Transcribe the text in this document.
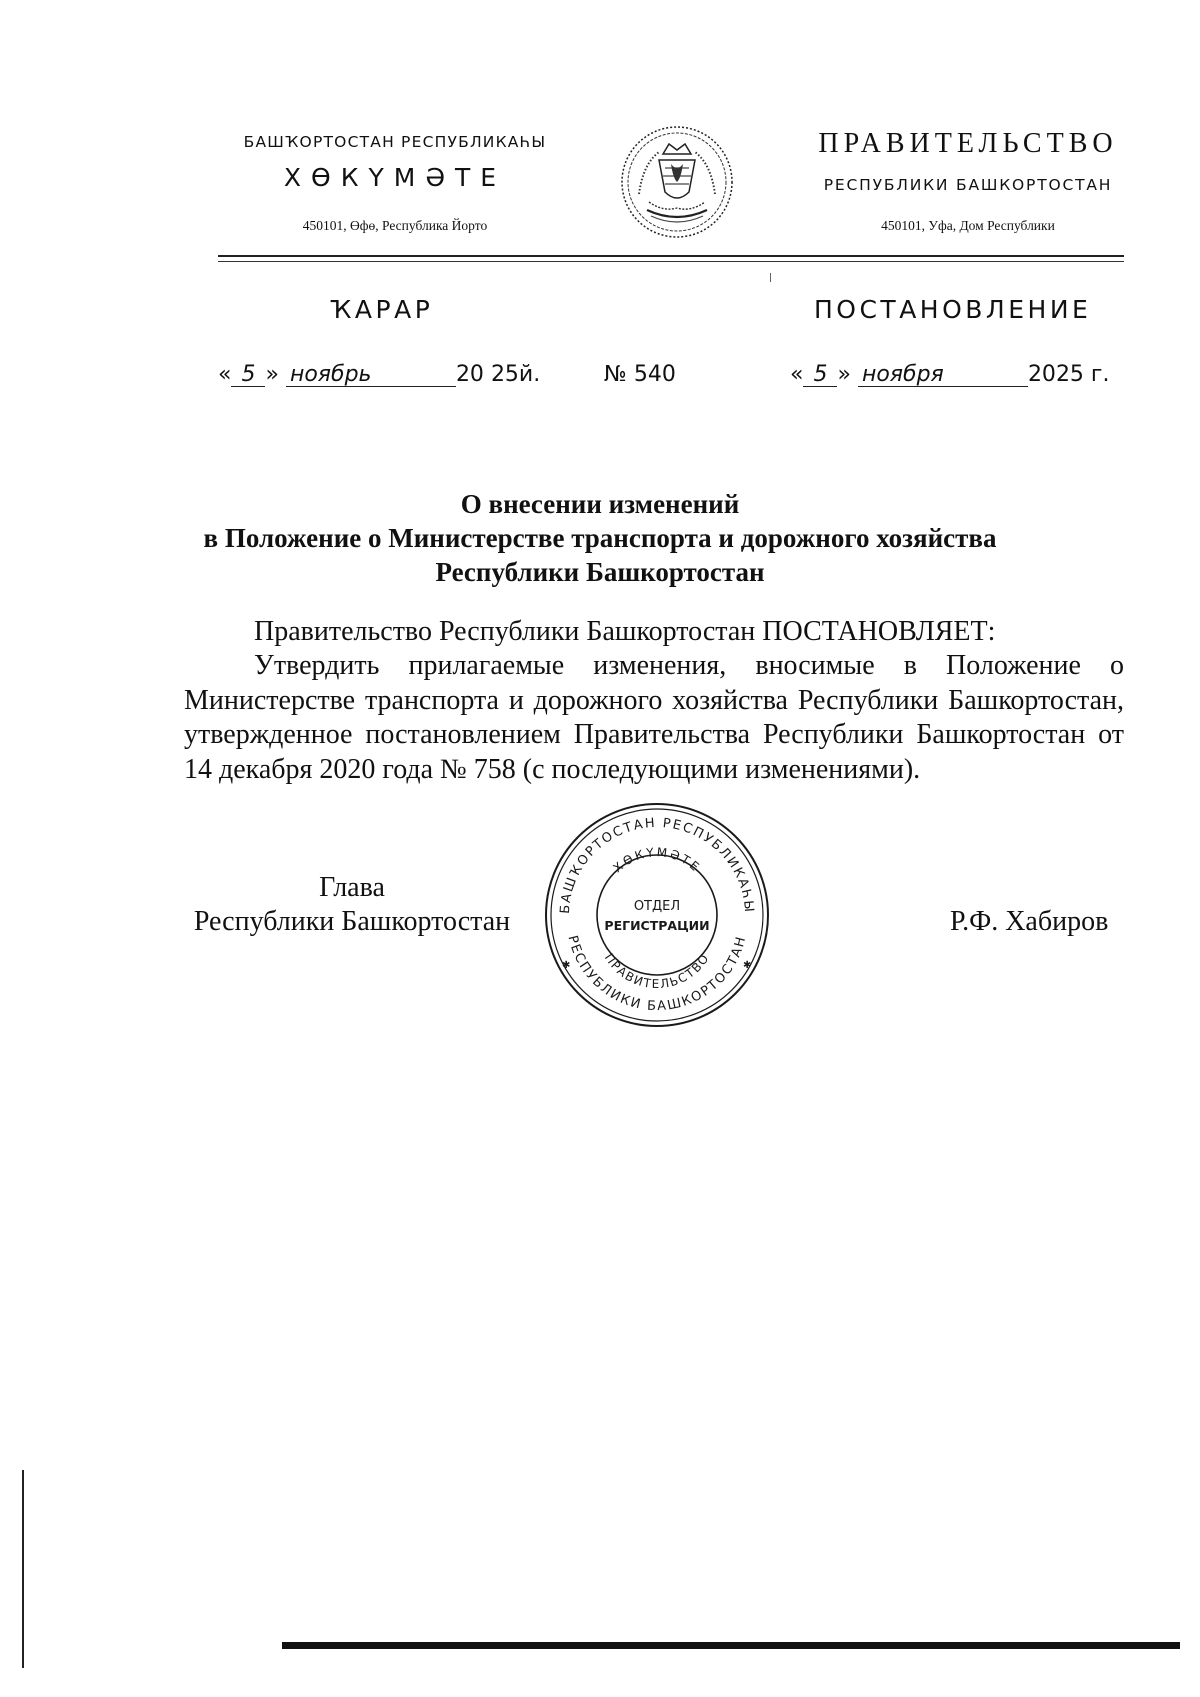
БАШҠОРТОСТАН РЕСПУБЛИКАҺЫ
ХӨКҮМӘТЕ
450101, Өфө, Республика Йорто
ПРАВИТЕЛЬСТВО
РЕСПУБЛИКИ БАШКОРТОСТАН
450101, Уфа, Дом Республики
ҠАРАР	ПОСТАНОВЛЕНИЕ
« 5 » ноябрь	20 25й.	№ 540	« 5 » ноября	2025 г.
О внесении изменений
в Положение о Министерстве транспорта и дорожного хозяйства
Республики Башкортостан
Правительство Республики Башкортостан ПОСТАНОВЛЯЕТ:
Утвердить прилагаемые изменения, вносимые в Положение о Министерстве транспорта и дорожного хозяйства Республики Башкортостан, утвержденное постановлением Правительства Республики Башкортостан от 14 декабря 2020 года № 758 (с последующими изменениями).
Глава
Республики Башкортостан	Р.Ф. Хабиров
БАШҠОРТОСТАН РЕСПУБЛИКАҺЫ
ХӨКҮМӘТЕ
ПРАВИТЕЛЬСТВО
РЕСПУБЛИКИ БАШКОРТОСТАН
ОТДЕЛ
РЕГИСТРАЦИИ
✱	✱
